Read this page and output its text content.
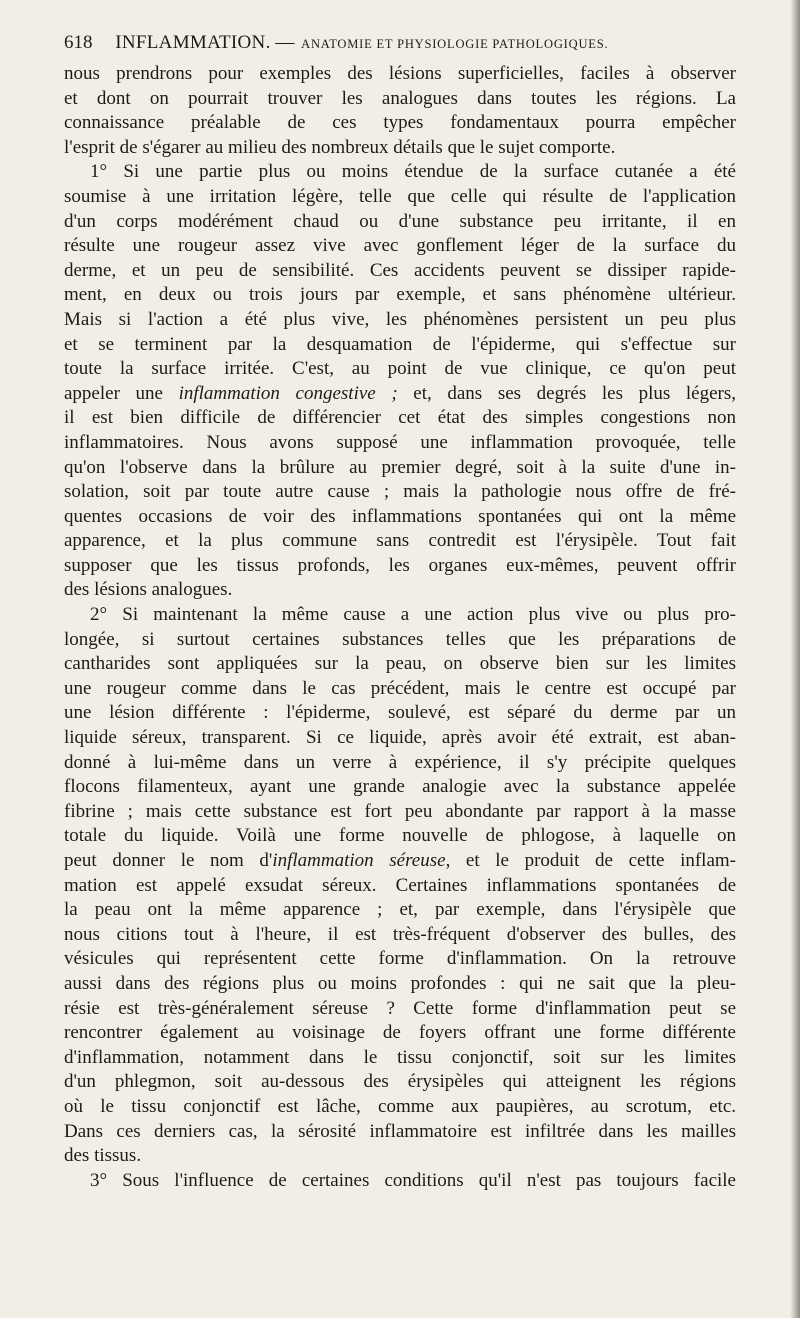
618 INFLAMMATION. — ANATOMIE ET PHYSIOLOGIE PATHOLOGIQUES.
nous prendrons pour exemples des lésions superficielles, faciles à observer
et dont on pourrait trouver les analogues dans toutes les régions. La
connaissance préalable de ces types fondamentaux pourra empêcher
l'esprit de s'égarer au milieu des nombreux détails que le sujet comporte.
1° Si une partie plus ou moins étendue de la surface cutanée a été
soumise à une irritation légère, telle que celle qui résulte de l'application
d'un corps modérément chaud ou d'une substance peu irritante, il en
résulte une rougeur assez vive avec gonflement léger de la surface du
derme, et un peu de sensibilité. Ces accidents peuvent se dissiper rapide-
ment, en deux ou trois jours par exemple, et sans phénomène ultérieur.
Mais si l'action a été plus vive, les phénomènes persistent un peu plus
et se terminent par la desquamation de l'épiderme, qui s'effectue sur
toute la surface irritée. C'est, au point de vue clinique, ce qu'on peut
appeler une inflammation congestive ; et, dans ses degrés les plus légers,
il est bien difficile de différencier cet état des simples congestions non
inflammatoires. Nous avons supposé une inflammation provoquée, telle
qu'on l'observe dans la brûlure au premier degré, soit à la suite d'une in-
solation, soit par toute autre cause ; mais la pathologie nous offre de fré-
quentes occasions de voir des inflammations spontanées qui ont la même
apparence, et la plus commune sans contredit est l'érysipèle. Tout fait
supposer que les tissus profonds, les organes eux-mêmes, peuvent offrir
des lésions analogues.
2° Si maintenant la même cause a une action plus vive ou plus pro-
longée, si surtout certaines substances telles que les préparations de
cantharides sont appliquées sur la peau, on observe bien sur les limites
une rougeur comme dans le cas précédent, mais le centre est occupé par
une lésion différente : l'épiderme, soulevé, est séparé du derme par un
liquide séreux, transparent. Si ce liquide, après avoir été extrait, est aban-
donné à lui-même dans un verre à expérience, il s'y précipite quelques
flocons filamenteux, ayant une grande analogie avec la substance appelée
fibrine ; mais cette substance est fort peu abondante par rapport à la masse
totale du liquide. Voilà une forme nouvelle de phlogose, à laquelle on
peut donner le nom d'inflammation séreuse, et le produit de cette inflam-
mation est appelé exsudat séreux. Certaines inflammations spontanées de
la peau ont la même apparence ; et, par exemple, dans l'érysipèle que
nous citions tout à l'heure, il est très-fréquent d'observer des bulles, des
vésicules qui représentent cette forme d'inflammation. On la retrouve
aussi dans des régions plus ou moins profondes : qui ne sait que la pleu-
résie est très-généralement séreuse ? Cette forme d'inflammation peut se
rencontrer également au voisinage de foyers offrant une forme différente
d'inflammation, notamment dans le tissu conjonctif, soit sur les limites
d'un phlegmon, soit au-dessous des érysipèles qui atteignent les régions
où le tissu conjonctif est lâche, comme aux paupières, au scrotum, etc.
Dans ces derniers cas, la sérosité inflammatoire est infiltrée dans les mailles
des tissus.
3° Sous l'influence de certaines conditions qu'il n'est pas toujours facile
